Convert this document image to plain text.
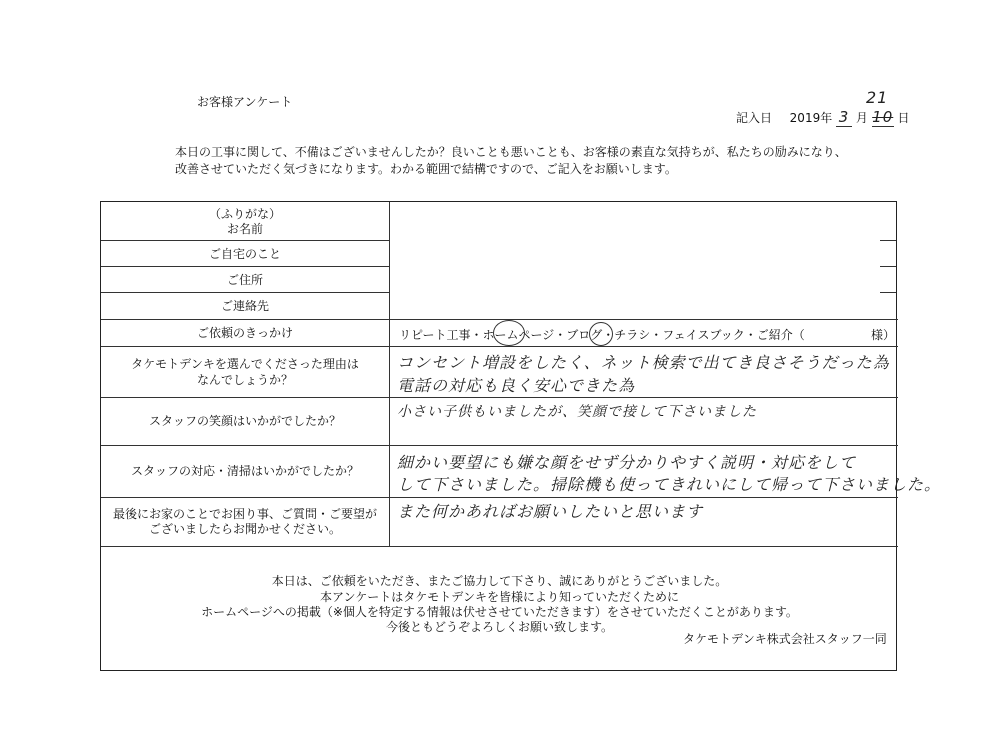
お客様アンケート
記入日 2019年 3 月 10 日
21
本日の工事に関して、不備はございませんしたか？良いことも悪いことも、お客様の素直な気持ちが、私たちの励みになり、
改善させていただく気づきになります。わかる範囲で結構ですので、ご記入をお願いします。
（ふりがな）
お名前
ご自宅のこと
ご住所
ご連絡先
ご依頼のきっかけ
タケモトデンキを選んでくださった理由は
なんでしょうか？
スタッフの笑顔はいかがでしたか？
スタッフの対応・清掃はいかがでしたか？
最後にお家のことでお困り事、ご質問・ご要望が
ございましたらお聞かせください。
リピート工事・ホームページ・ブログ・チラシ・フェイスブック・ご紹介（	様）
コンセント増設をしたく、ネット検索で出てき良さそうだった為
電話の対応も良く安心できた為
小さい子供もいましたが、笑顔で接して下さいました
細かい要望にも嫌な顔をせず分かりやすく説明・対応をして
して下さいました。掃除機も使ってきれいにして帰って下さいました。
また何かあればお願いしたいと思います
本日は、ご依頼をいただき、またご協力して下さり、誠にありがとうございました。
本アンケートはタケモトデンキを皆様により知っていただくために
ホームページへの掲載（※個人を特定する情報は伏せさせていただきます）をさせていただくことがあります。
今後ともどうぞよろしくお願い致します。
タケモトデンキ株式会社スタッフ一同
